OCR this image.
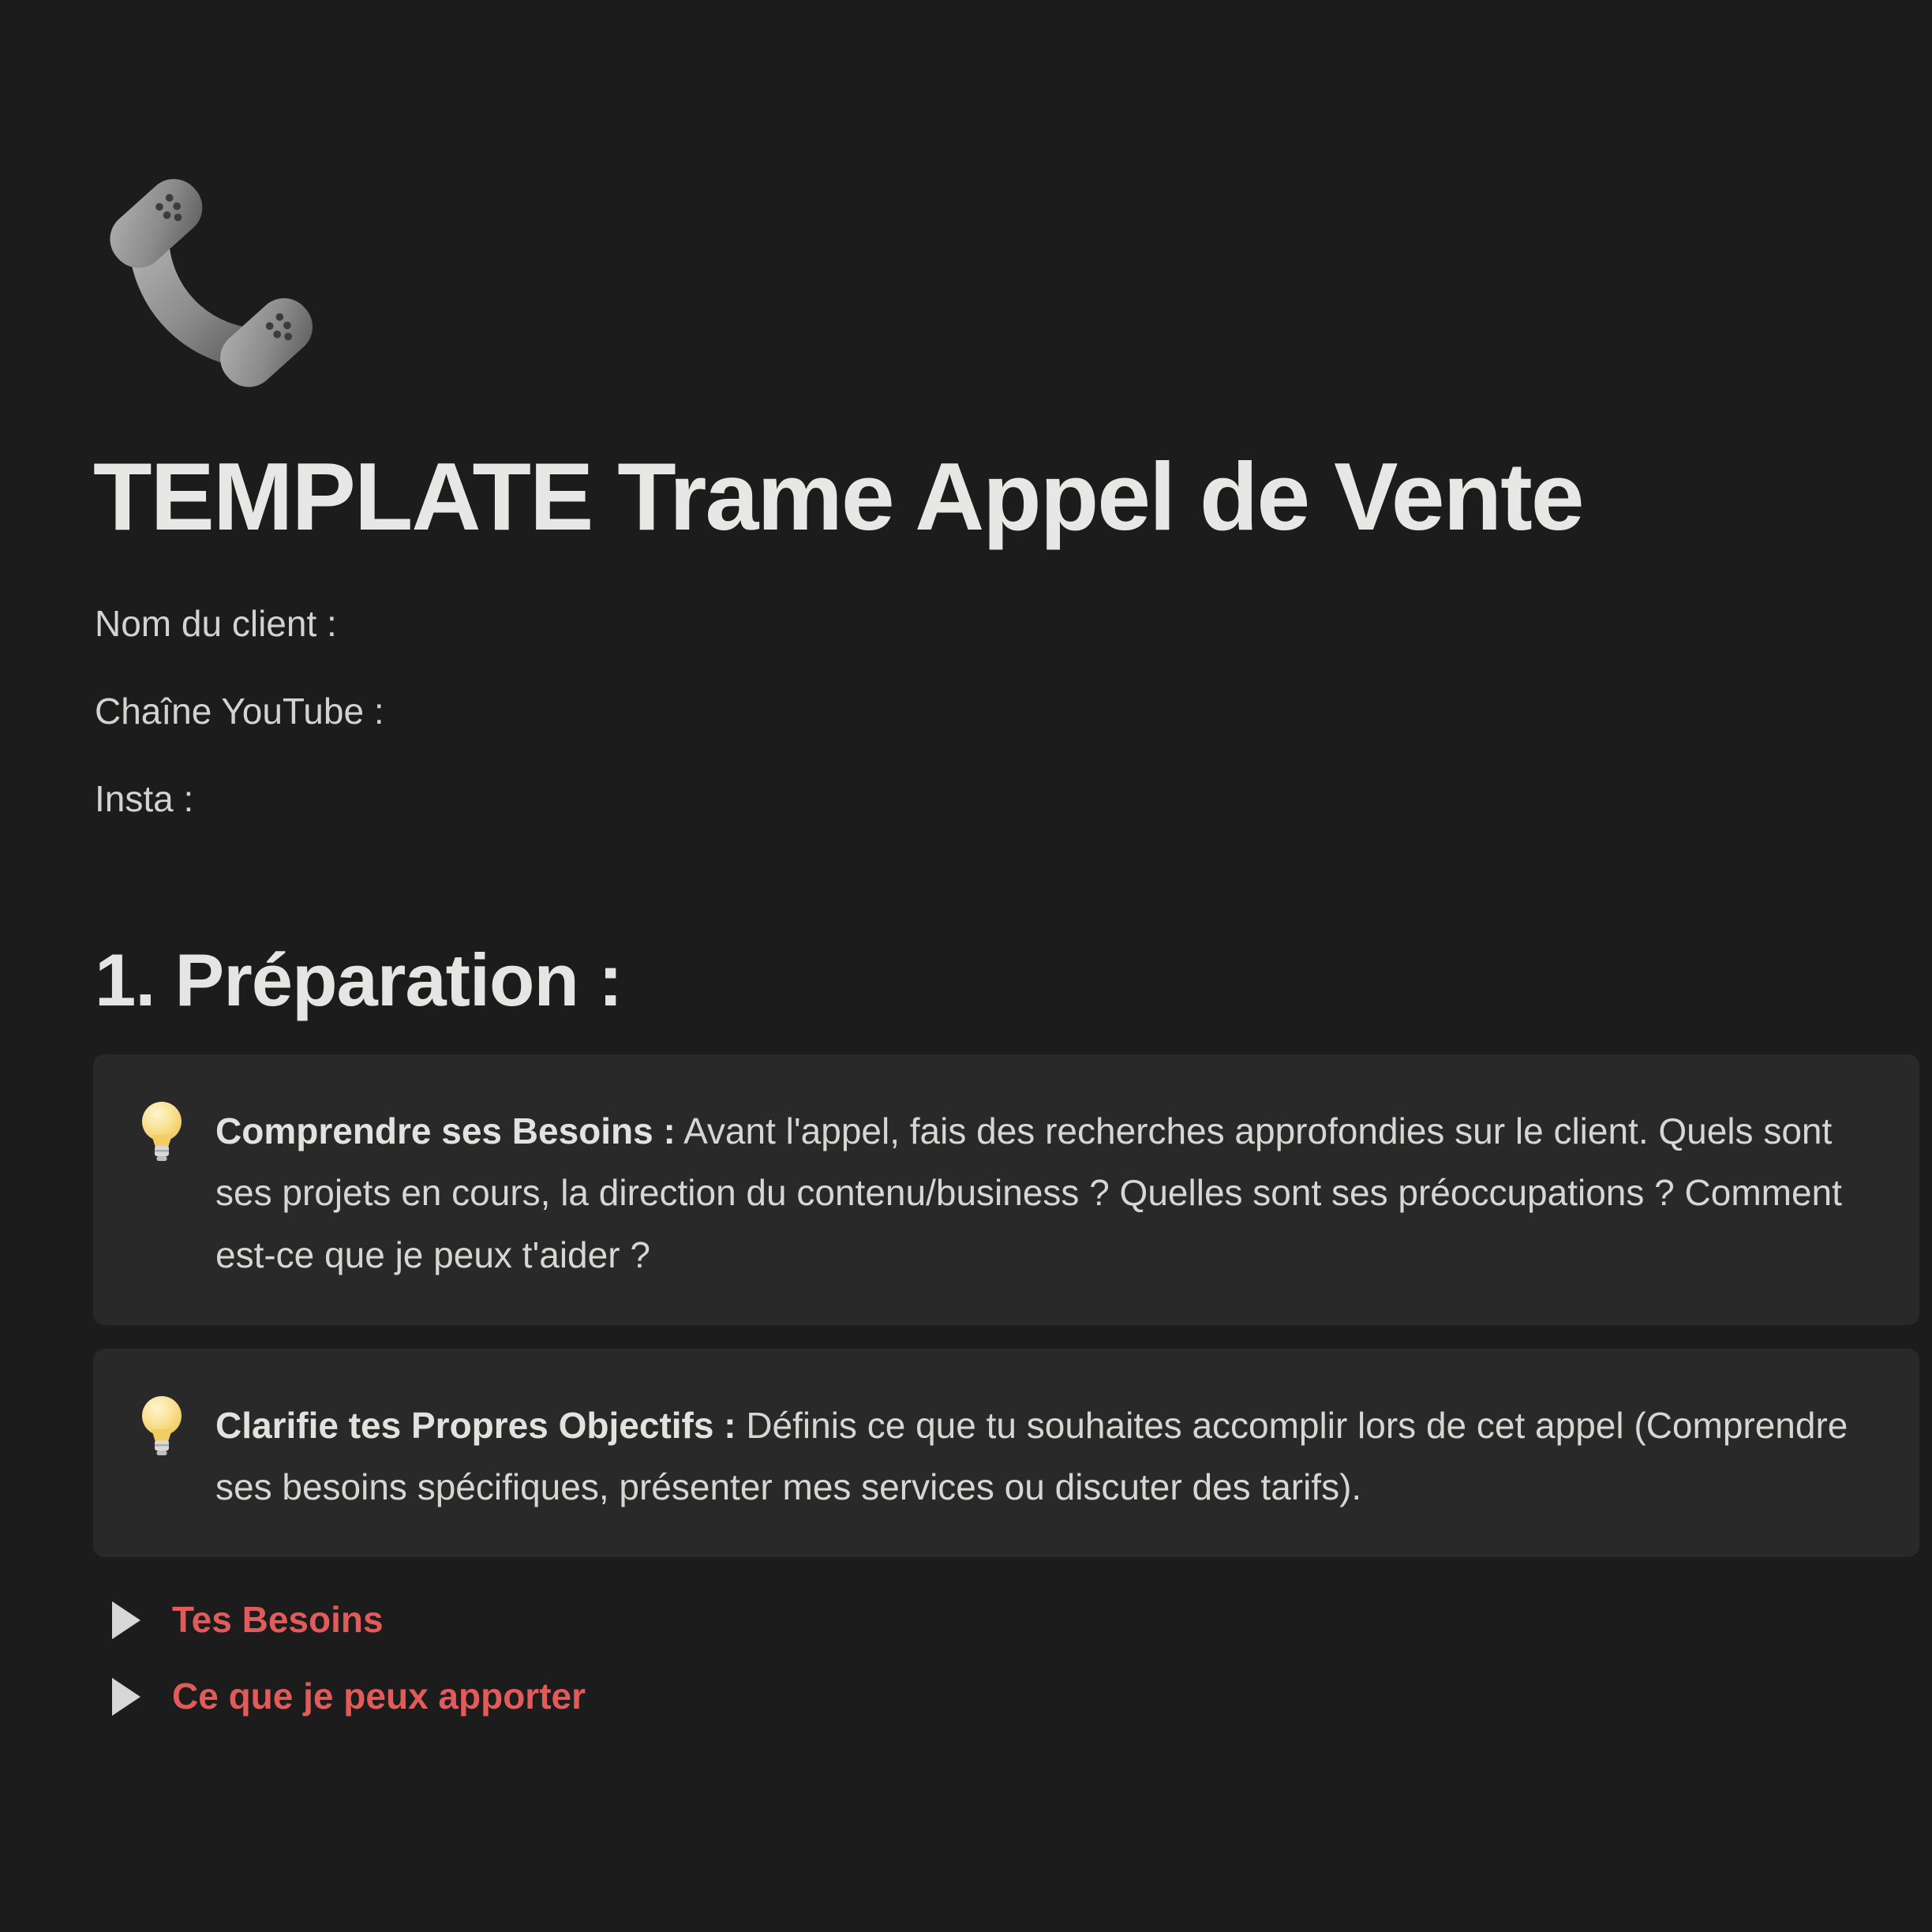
TEMPLATE Trame Appel de Vente

Nom du client :

Chaîne YouTube :

Insta :

1. Préparation :
Comprendre ses Besoins : Avant l'appel, fais des recherches approfondies sur le client. Quels sont ses projets en cours, la direction du contenu/business ? Quelles sont ses préoccupations ? Comment est-ce que je peux t'aider ?
Clarifie tes Propres Objectifs : Définis ce que tu souhaites accomplir lors de cet appel (Comprendre ses besoins spécifiques, présenter mes services ou discuter des tarifs).
Tes Besoins
Ce que je peux apporter
